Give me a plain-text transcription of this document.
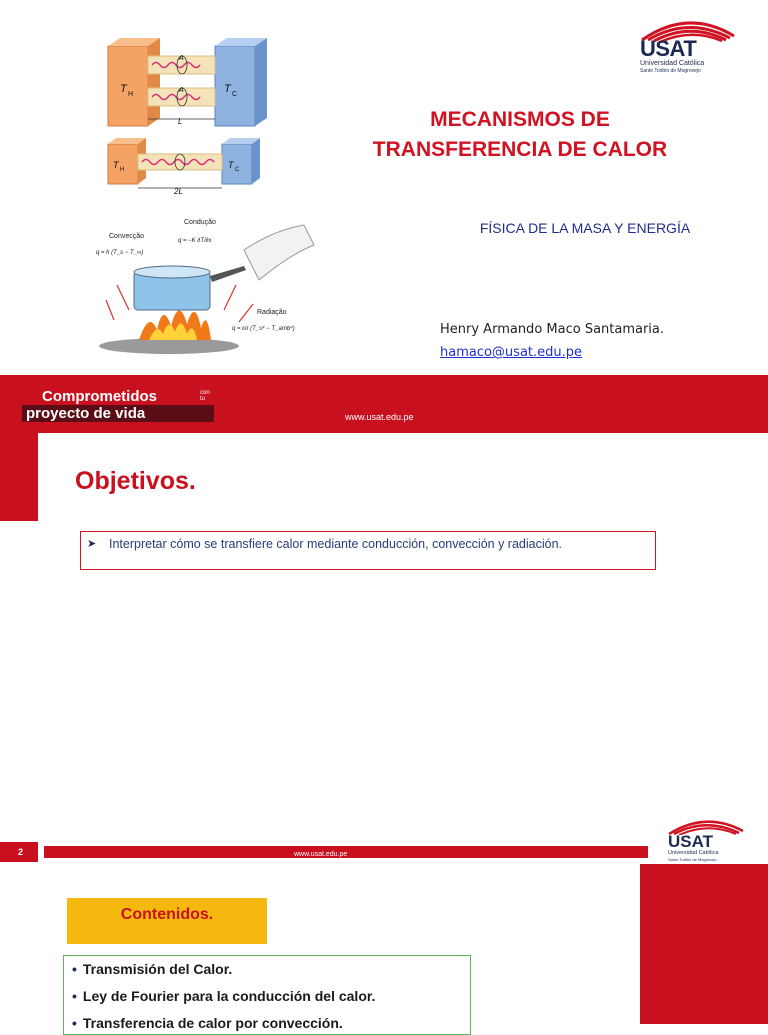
T H	T C
A
A
L
T H	T C
2L
Convecção
q = h (T_s − T_∞)
Condução
q = −K ∂T/∂x
Radiação
q = εσ (T_s⁴ − T_amb⁴)
USAT
Universidad Católica
Santo Toribio de Mogrovejo
MECANISMOS DE
TRANSFERENCIA DE CALOR
FÍSICA DE LA MASA Y ENERGÍA
Henry Armando Maco Santamaria.
hamaco@usat.edu.pe
Comprometidos	con tu
proyecto de vida	www.usat.edu.pe
Objetivos.
➤ Interpretar cómo se transfiere calor mediante conducción, convección y radiación.
2	www.usat.edu.pe
USAT
Universidad Católica
Santo Toribio de Mogrovejo
Contenidos.
• Transmisión del Calor.
• Ley de Fourier para la conducción del calor.
• Transferencia de calor por convección.
